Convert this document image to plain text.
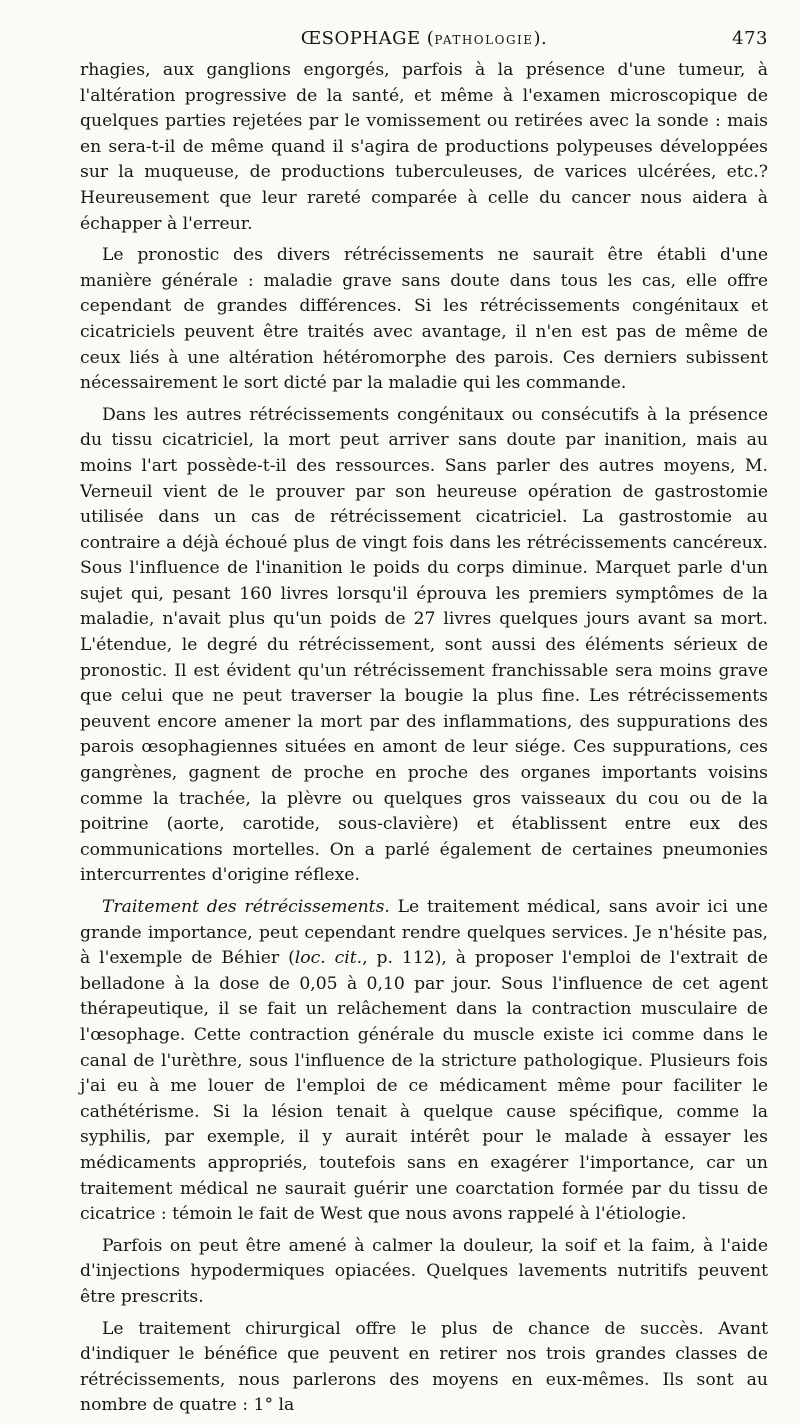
ŒSOPHAGE (PATHOLOGIE).	473

rhagies, aux ganglions engorgés, parfois à la présence d'une tumeur, à l'altération progressive de la santé, et même à l'examen microscopique de quelques parties rejetées par le vomissement ou retirées avec la sonde : mais en sera-t-il de même quand il s'agira de productions polypeuses développées sur la muqueuse, de productions tuberculeuses, de varices ulcérées, etc.? Heureusement que leur rareté comparée à celle du cancer nous aidera à échapper à l'erreur.

Le pronostic des divers rétrécissements ne saurait être établi d'une manière générale : maladie grave sans doute dans tous les cas, elle offre cependant de grandes différences. Si les rétrécissements congénitaux et cicatriciels peuvent être traités avec avantage, il n'en est pas de même de ceux liés à une altération hétéromorphe des parois. Ces derniers subissent nécessairement le sort dicté par la maladie qui les commande.

Dans les autres rétrécissements congénitaux ou consécutifs à la présence du tissu cicatriciel, la mort peut arriver sans doute par inanition, mais au moins l'art possède-t-il des ressources. Sans parler des autres moyens, M. Verneuil vient de le prouver par son heureuse opération de gastrostomie utilisée dans un cas de rétrécissement cicatriciel. La gastrostomie au contraire a déjà échoué plus de vingt fois dans les rétrécissements cancéreux. Sous l'influence de l'inanition le poids du corps diminue. Marquet parle d'un sujet qui, pesant 160 livres lorsqu'il éprouva les premiers symptômes de la maladie, n'avait plus qu'un poids de 27 livres quelques jours avant sa mort. L'étendue, le degré du rétrécissement, sont aussi des éléments sérieux de pronostic. Il est évident qu'un rétrécissement franchissable sera moins grave que celui que ne peut traverser la bougie la plus fine. Les rétrécissements peuvent encore amener la mort par des inflammations, des suppurations des parois œsophagiennes situées en amont de leur siége. Ces suppurations, ces gangrènes, gagnent de proche en proche des organes importants voisins comme la trachée, la plèvre ou quelques gros vaisseaux du cou ou de la poitrine (aorte, carotide, sous-clavière) et établissent entre eux des communications mortelles. On a parlé également de certaines pneumonies intercurrentes d'origine réflexe.

Traitement des rétrécissements. Le traitement médical, sans avoir ici une grande importance, peut cependant rendre quelques services. Je n'hésite pas, à l'exemple de Béhier (loc. cit., p. 112), à proposer l'emploi de l'extrait de belladone à la dose de 0,05 à 0,10 par jour. Sous l'influence de cet agent thérapeutique, il se fait un relâchement dans la contraction musculaire de l'œsophage. Cette contraction générale du muscle existe ici comme dans le canal de l'urèthre, sous l'influence de la stricture pathologique. Plusieurs fois j'ai eu à me louer de l'emploi de ce médicament même pour faciliter le cathétérisme. Si la lésion tenait à quelque cause spécifique, comme la syphilis, par exemple, il y aurait intérêt pour le malade à essayer les médicaments appropriés, toutefois sans en exagérer l'importance, car un traitement médical ne saurait guérir une coarctation formée par du tissu de cicatrice : témoin le fait de West que nous avons rappelé à l'étiologie.

Parfois on peut être amené à calmer la douleur, la soif et la faim, à l'aide d'injections hypodermiques opiacées. Quelques lavements nutritifs peuvent être prescrits.

Le traitement chirurgical offre le plus de chance de succès. Avant d'indiquer le bénéfice que peuvent en retirer nos trois grandes classes de rétrécissements, nous parlerons des moyens en eux-mêmes. Ils sont au nombre de quatre : 1° la
